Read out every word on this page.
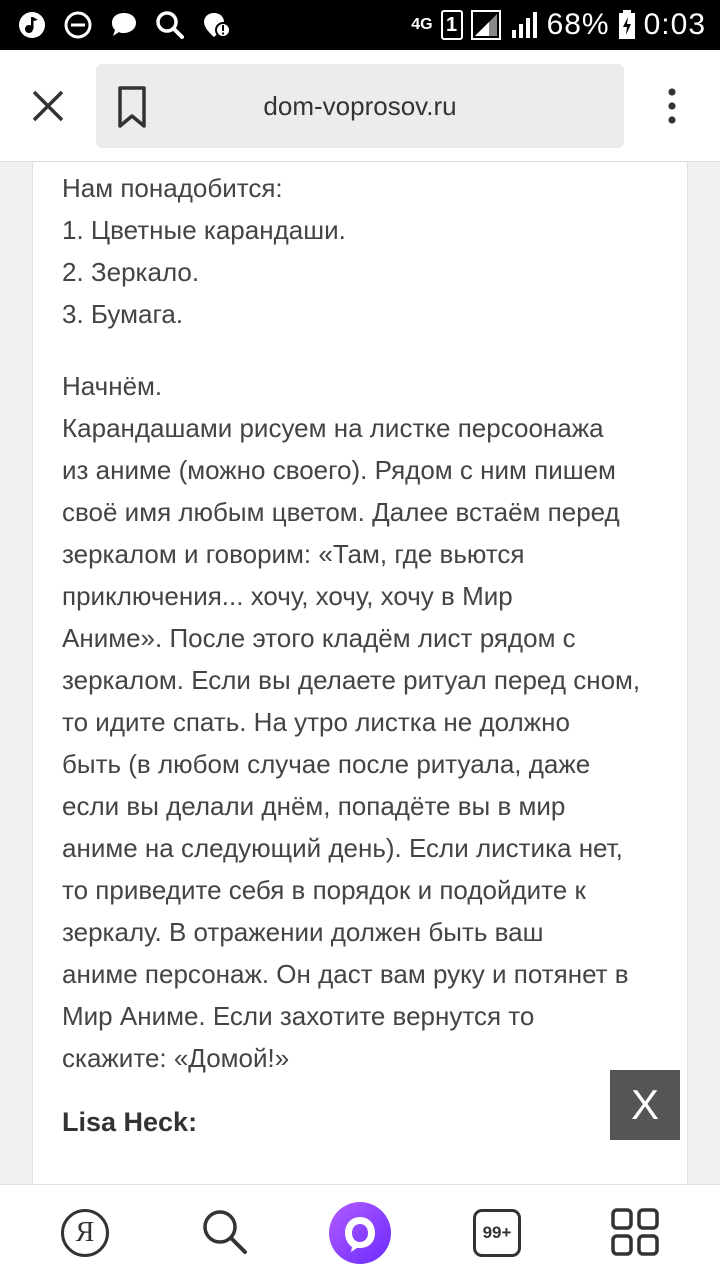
4G 1	68% 0:03
dom-voprosov.ru
Нам понадобится:
1. Цветные карандаши.
2. Зеркало.
3. Бумага.
Начнём.
Карандашами рисуем на листке персоонажа
из аниме (можно своего). Рядом с ним пишем
своё имя любым цветом. Далее встаём перед
зеркалом и говорим: «Там, где вьются
приключения... хочу, хочу, хочу в Мир
Аниме». После этого кладём лист рядом с
зеркалом. Если вы делаете ритуал перед сном,
то идите спать. На утро листка не должно
быть (в любом случае после ритуала, даже
если вы делали днём, попадёте вы в мир
аниме на следующий день). Если листика нет,
то приведите себя в порядок и подойдите к
зеркалу. В отражении должен быть ваш
аниме персонаж. Он даст вам руку и потянет в
Мир Аниме. Если захотите вернутся то
скажите: «Домой!»
Lisa Heck:	X
Я	99+
